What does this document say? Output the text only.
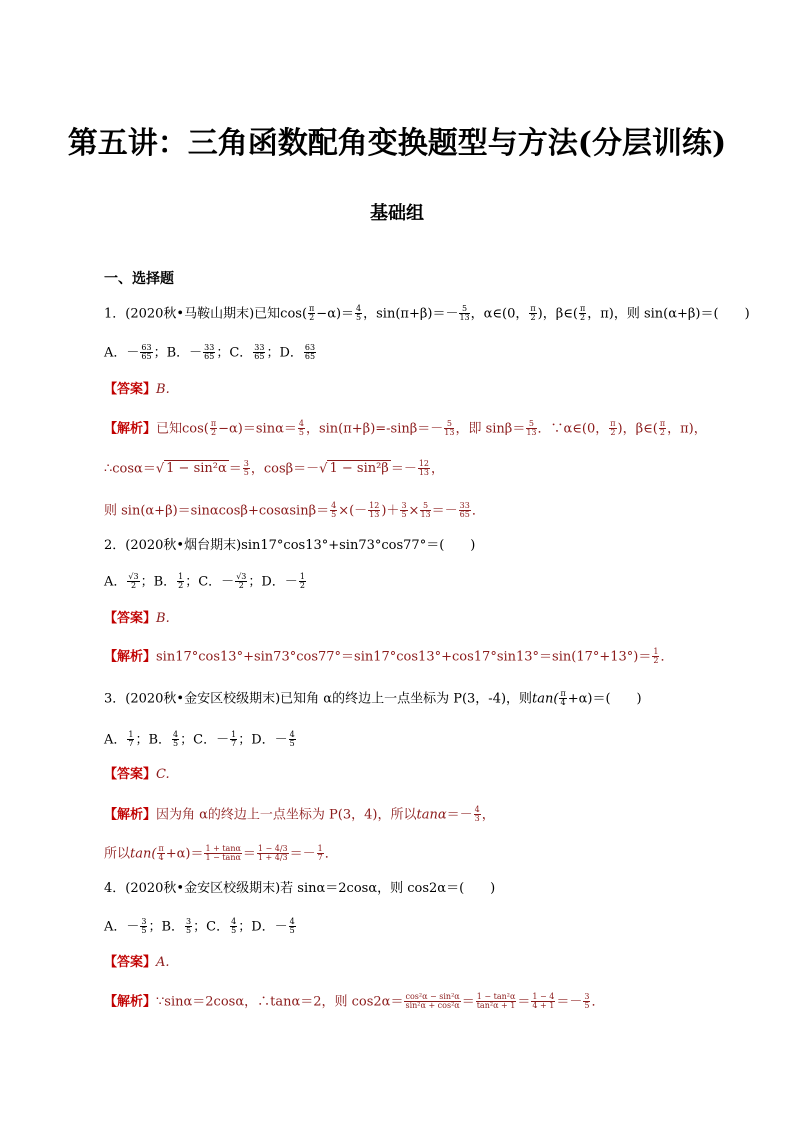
第五讲：三角函数配角变换题型与方法(分层训练)
基础组
一、选择题
1．(2020秋•马鞍山期末)已知$\cos( \frac{\pi}{2} -\alpha)= \frac{4}{5}$ ，$\sin(\pi+\beta)=- \frac{5}{13}$ ，α∈(0， $\frac{\pi}{2}$ )，β∈( $\frac{\pi}{2}$ ，π)，则 sin(α+β)＝(　　)
A．－ $\frac{63}{65}$ ；B．－ $\frac{33}{65}$ ；C． $\frac{33}{65}$ ；D． $\frac{63}{65}$
【答案】B.
【解析】已知$\cos( \frac{\pi}{2} -\alpha)=\sin\alpha= \frac{4}{5}$ ，$\sin(\pi+\beta)=-\sin\beta=- \frac{5}{13}$ ，即 $\sin\beta= \frac{5}{13}$ ．∵α∈(0， $\frac{\pi}{2}$ )，β∈( $\frac{\pi}{2}$ ，π)，
∴cosα＝√ $1 - \sin^2\alpha = \frac{3}{5}$ ，cosβ＝－√ $1 - \sin^2\beta =- \frac{12}{13}$ ，
则 $\sin(\alpha+\beta)=\sin\alpha\cos\beta+\cos\alpha\sin\beta= \frac{4}{5}$ ×(－ $\frac{12}{13}$ )＋ $\frac{3}{5} \times \frac{5}{13} =- \frac{33}{65}$ ．
2．(2020秋•烟台期末)sin17°cos13°+sin73°cos77°＝(　　)
A． $\frac{√3}{2}$ ；B． $\frac{1}{2}$ ；C．－ $\frac{√3}{2}$ ；D．－ $\frac{1}{2}$
【答案】B.
【解析】$\sin 17^\circ\cos 13^\circ+\sin 73^\circ\cos 77^\circ=\sin 17^\circ\cos 13^\circ+\cos 17^\circ\sin 13^\circ=\sin(17^\circ+13^\circ)= \frac{1}{2}$ ．
3．(2020秋•金安区校级期末)已知角 α的终边上一点坐标为 P(3，-4)，则$\tan( \frac{\pi}{4} +\alpha)=$(　　)
A． $\frac{1}{7}$ ；B． $\frac{4}{5}$ ；C．－ $\frac{1}{7}$ ；D．－ $\frac{4}{5}$
【答案】C.
【解析】因为角 α的终边上一点坐标为 P(3，4)，所以$\tan\alpha=- \frac{4}{3}$ ，
所以$\tan( \frac{\pi}{4} +\alpha)= \frac{1 + \tan\alpha}{1 - \tan\alpha} = \frac{1 - 4/3}{1 + 4/3} =- \frac{1}{7}$ ．
4．(2020秋•金安区校级期末)若 sinα＝2cosα，则 cos2α＝(　　)
A．－ $\frac{3}{5}$ ；B． $\frac{3}{5}$ ；C． $\frac{4}{5}$ ；D．－ $\frac{4}{5}$
【答案】A.
【解析】∵sinα＝2cosα，∴tanα＝2，则 $\cos 2\alpha= \frac{\text{cos²α − sin²α}}{\text{sin²α + cos²α}} = \frac{\text{1 − tan²α}}{\text{tan²α + 1}} = \frac{1 - 4}{4 + 1} =- \frac{3}{5}$ ．
